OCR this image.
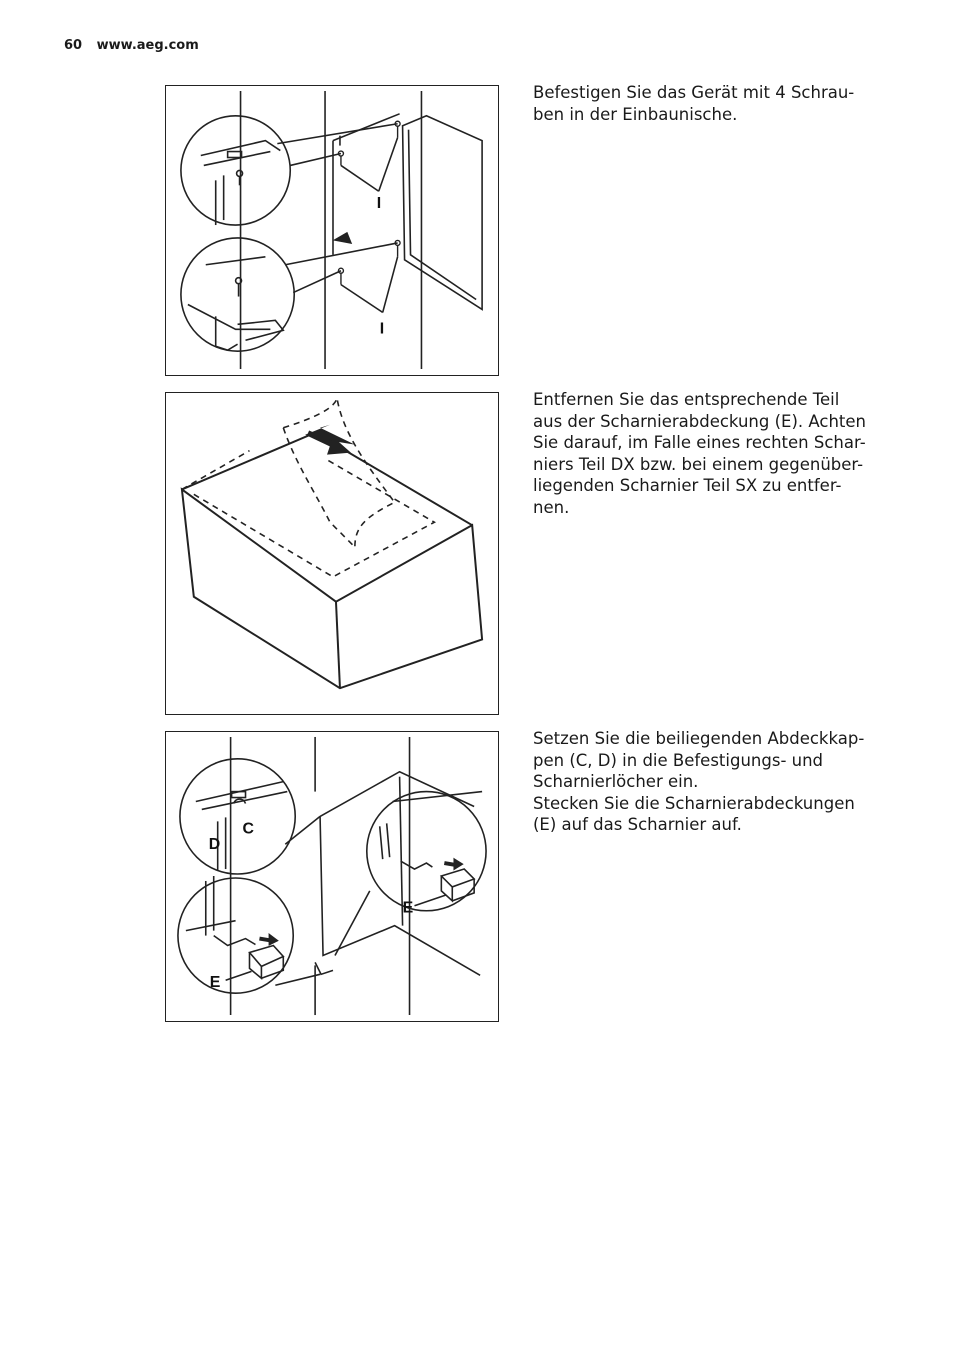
60 www.aeg.com
I
I
Befestigen Sie das Gerät mit 4 Schrau-
ben in der Einbaunische.
Entfernen Sie das entsprechende Teil
aus der Scharnierabdeckung (E). Achten
Sie darauf, im Falle eines rechten Schar-
niers Teil DX bzw. bei einem gegenüber-
liegenden Scharnier Teil SX zu entfer-
nen.
C
D
E
E
Setzen Sie die beiliegenden Abdeckkap-
pen (C, D) in die Befestigungs- und
Scharnierlöcher ein.
Stecken Sie die Scharnierabdeckungen
(E) auf das Scharnier auf.
